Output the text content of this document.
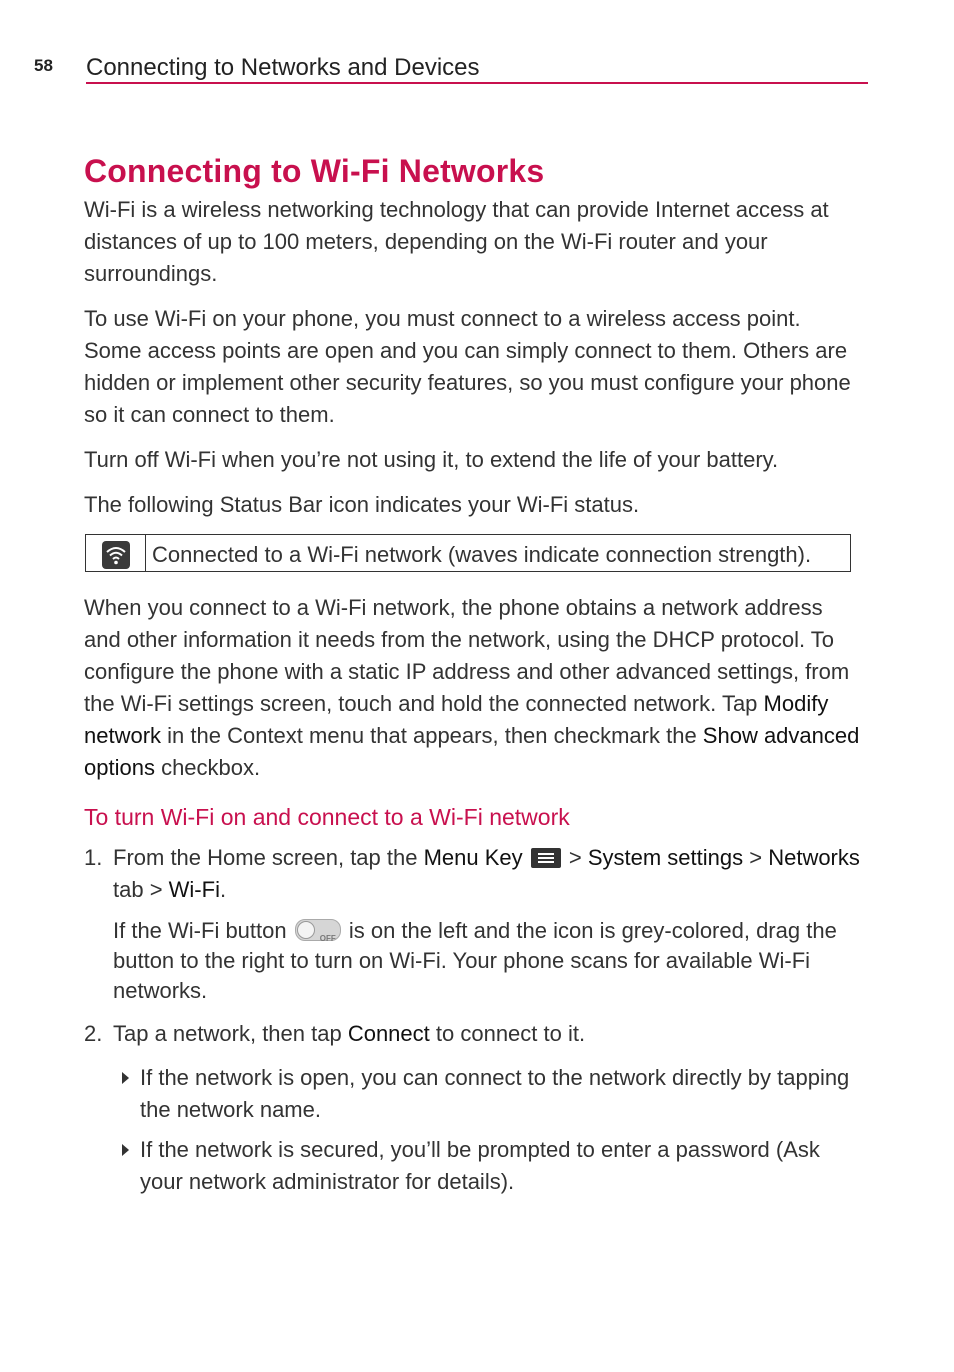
58 Connecting to Networks and Devices
Connecting to Wi-Fi Networks

Wi-Fi is a wireless networking technology that can provide Internet access at distances of up to 100 meters, depending on the Wi-Fi router and your surroundings.

To use Wi-Fi on your phone, you must connect to a wireless access point. Some access points are open and you can simply connect to them. Others are hidden or implement other security features, so you must configure your phone so it can connect to them.

Turn off Wi-Fi when you’re not using it, to extend the life of your battery.

The following Status Bar icon indicates your Wi-Fi status.

	Connected to a Wi-Fi network (waves indicate connection strength).

When you connect to a Wi-Fi network, the phone obtains a network address and other information it needs from the network, using the DHCP protocol. To configure the phone with a static IP address and other advanced settings, from the Wi-Fi settings screen, touch and hold the connected network. Tap Modify network in the Context menu that appears, then checkmark the Show advanced options checkbox.

To turn Wi-Fi on and connect to a Wi-Fi network
1. From the Home screen, tap the Menu Key
> System settings > Networks tab > Wi-Fi.
If the Wi-Fi button	OFF is on the left and the icon is grey-colored, drag the button to the right to turn on Wi-Fi. Your phone scans for available Wi-Fi networks.
2. Tap a network, then tap Connect to connect to it.
If the network is open, you can connect to the network directly by tapping the network name.
If the network is secured, you’ll be prompted to enter a password (Ask your network administrator for details).
